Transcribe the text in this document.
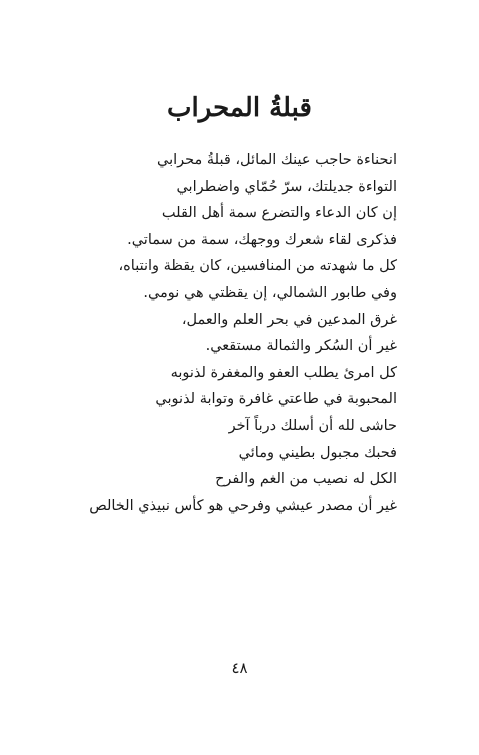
قبلةُ المحراب
انحناءة حاجب عينك المائل، قبلةُ محرابي
التواءة جديلتك، سرّ حُمّاي واضطرابي
إن كان الدعاء والتضرع سمة أهل القلب
فذكرى لقاء شعرك ووجهك، سمة من سماتي.
كل ما شهدته من المنافسين، كان يقظة وانتباه،
وفي طابور الشمالي، إن يقظتي هي نومي.
غرق المدعين في بحر العلم والعمل،
غير أن السُكر والثمالة مستقعي.
كل امرئ يطلب العفو والمغفرة لذنوبه
المحبوبة في طاعتي غافرة وتوابة لذنوبي
حاشى لله أن أسلك درباً آخر
فحبك مجبول بطيني ومائي
الكل له نصيب من الغم والفرح
غير أن مصدر عيشي وفرحي هو كأس نبيذي الخالص
٤٨
